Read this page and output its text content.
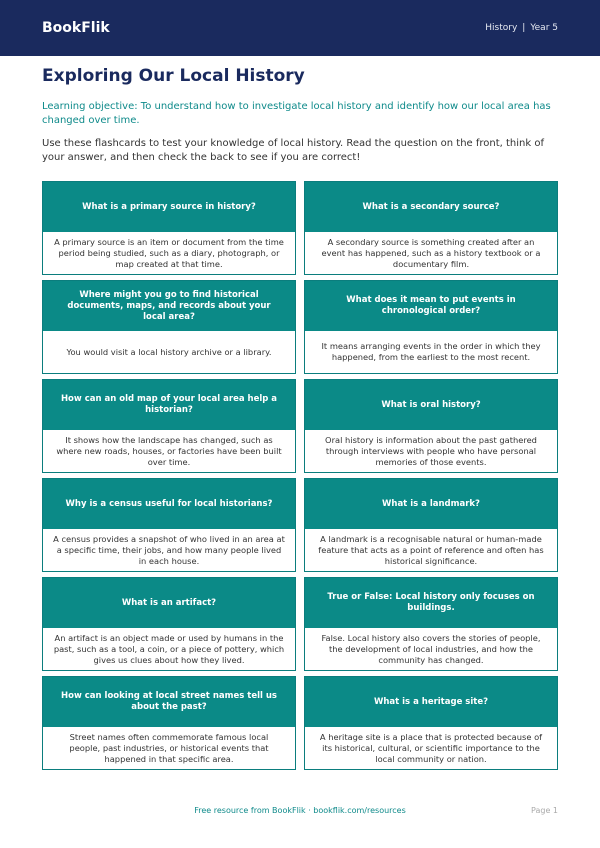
BookFlik	History | Year 5
Exploring Our Local History

Learning objective: To understand how to investigate local history and identify how our local area has changed over time.

Use these flashcards to test your knowledge of local history. Read the question on the front, think of your answer, and then check the back to see if you are correct!

What is a primary source in history?
A primary source is an item or document from the time period being studied, such as a diary, photograph, or map created at that time.
What is a secondary source?
A secondary source is something created after an event has happened, such as a history textbook or a documentary film.
Where might you go to find historical documents, maps, and records about your local area?
You would visit a local history archive or a library.
What does it mean to put events in chronological order?
It means arranging events in the order in which they happened, from the earliest to the most recent.
How can an old map of your local area help a historian?
It shows how the landscape has changed, such as where new roads, houses, or factories have been built over time.
What is oral history?
Oral history is information about the past gathered through interviews with people who have personal memories of those events.
Why is a census useful for local historians?
A census provides a snapshot of who lived in an area at a specific time, their jobs, and how many people lived in each house.
What is a landmark?
A landmark is a recognisable natural or human-made feature that acts as a point of reference and often has historical significance.
What is an artifact?
An artifact is an object made or used by humans in the past, such as a tool, a coin, or a piece of pottery, which gives us clues about how they lived.
True or False: Local history only focuses on buildings.
False. Local history also covers the stories of people, the development of local industries, and how the community has changed.
How can looking at local street names tell us about the past?
Street names often commemorate famous local people, past industries, or historical events that happened in that specific area.
What is a heritage site?
A heritage site is a place that is protected because of its historical, cultural, or scientific importance to the local community or nation.
Free resource from BookFlik · bookflik.com/resources	Page 1
